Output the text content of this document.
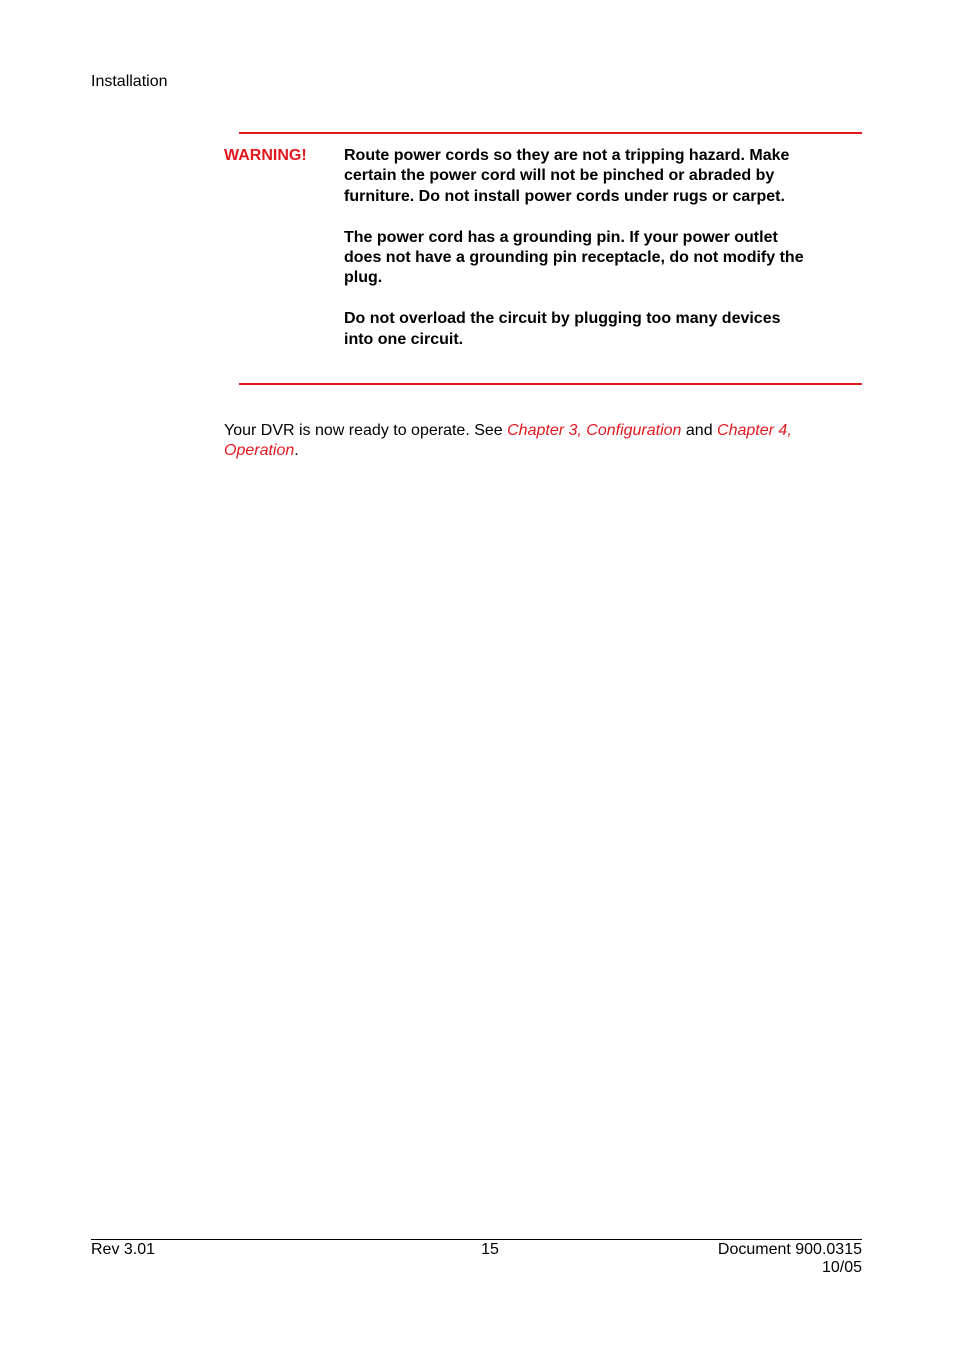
Installation
WARNING! Route power cords so they are not a tripping hazard. Make certain the power cord will not be pinched or abraded by furniture. Do not install power cords under rugs or carpet.

The power cord has a grounding pin. If your power outlet does not have a grounding pin receptacle, do not modify the plug.

Do not overload the circuit by plugging too many devices into one circuit.

Your DVR is now ready to operate. See Chapter 3, Configuration and Chapter 4, Operation.

Rev 3.01	15	Document 900.0315
10/05
